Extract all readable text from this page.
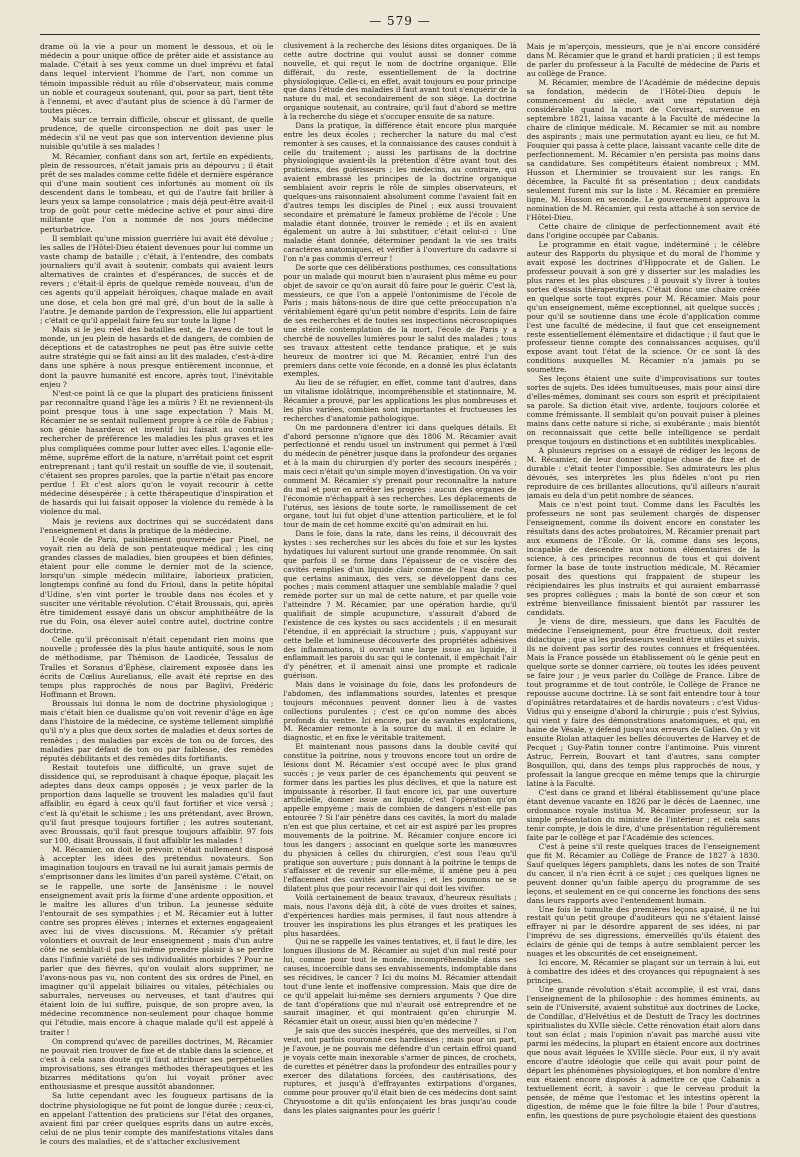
— 579 —

drame où la vie a pour un moment le dessous, et où le médecin a pour unique office de prêter aide et assistance au malade. C'était à ses yeux comme un duel imprévu et fatal dans lequel intervient l'homme de l'art, non comme un témoin impassible réduit au rôle d'observateur, mais comme un noble et courageux soutenant, qui, pour sa part, tient tête à l'ennemi, et avec d'autant plus de science à dû l'armer de toutes pièces.

Mais sur ce terrain difficile, obscur et glissant, de quelle prudence, de quelle circonspection ne doit pas user le médecin s'il ne veut pas que son intervention devienne plus nuisible qu'utile à ses malades !

M. Récamier, confiant dans son art, fertile en expédients, plein de ressources, n'était jamais pris au dépourvu ; il était prêt de ses malades comme cette fidèle et dernière espérance qui d'une main soutient ces infortunés au moment où ils descendent dans le tombeau, et qui de l'autre fait briller à leurs yeux sa lampe consolatrice ; mais déjà peut-être avait-il trop de goût pour cette médecine active et pour ainsi dire militante que l'on a nommée de nos jours médecine perturbatrice.

Il semblait qu'une mission guerrière lui avait été dévolue ; les salles de l'Hôtel-Dieu étaient devenues pour lui comme un vaste champ de bataille ; c'était, à l'entendre, des combats journaliers qu'il avait à soutenir, combats qui avaient leurs alternatives de craintes et d'espérances, de succès et de revers ; c'était-il épris de quelque remède nouveau, d'un de ces agents qu'il appelait héroïques, chaque malade en avait une dose, et cela bon gré mal gré, d'un bout de la salle à l'autre. Je demande pardon de l'expression, elle lui appartient ; c'était ce qu'il appelait faire feu sur toute la ligne !

Mais si le jeu réel des batailles est, de l'aveu de tout le monde, un jeu plein de hasards et de dangers, de combien de déceptions et de catastrophes ne peut pas être suivie cette autre stratégie qui se fait ainsi au lit des malades, c'est-à-dire dans une sphère à nous presque entièrement inconnue, et dont la pauvre humanité est encore, après tout, l'inévitable enjeu ?

N'est-ce point là ce que la plupart des praticiens finissent par reconnaître quand l'âge les a mûris ? Et ne reviennent-ils point presque tous à une sage expectation ? Mais M. Récamier ne se sentait nullement propre à ce rôle de Fabius ; son génie hasardeux et inventif lui faisait au contraire rechercher de préférence les maladies les plus graves et les plus compliquées comme pour lutter avec elles. L'agonie elle-même, suprême effort de la nature, n'arrêtait point cet esprit entreprenant ; tant qu'il restait un souffle de vie, il soutenait, c'étaient ses propres paroles, que la partie n'était pas encore perdue ! Et c'est alors qu'on le voyait recourir à cette médecine désespérée ; à cette thérapeutique d'inspiration et de hasards qui lui faisait opposer la violence du remède à la violence du mal.

Mais je reviens aux doctrines qui se succédaient dans l'enseignement et dans la pratique de la médecine.

L'école de Paris, paisiblement gouvernée par Pinel, ne voyait rien au delà de son pentateuque médical ; les cinq grandes classes de maladies, bien groupées et bien définies, étaient pour elle comme le dernier mot de la science, lorsqu'un simple médecin militaire, laborieux praticien, longtemps confiné au fond du Frioul, dans la petite hôpital d'Udine, s'en vint porter le trouble dans nos écoles et y susciter une véritable révolution. C'était Broussais, qui, après être timidement essayé dans un obscur amphithéâtre de la rue du Foin, osa élever autel contre autel, doctrine contre doctrine.

Celle qu'il préconisait n'était cependant rien moins que nouvelle ; professée dès la plus haute antiquité, sous le nom de méthodisme, par Thémison de Laodicée, Tessalus de Tralles et Soranus d'Éphèse, clairement exposée dans les écrits de Cœlius Aurelianus, elle avait été reprise en des temps plus rapprochés de nous par Baglivi, Frédéric Hoffmann et Brown.

Broussais lui donna le nom de doctrine physiologique ; mais c'était bien ce dualisme qu'on voit revenir d'âge en âge dans l'histoire de la médecine, ce système tellement simplifié qu'il n'y a plus que deux sortes de maladies et deux sortes de remèdes ; des maladies par excès de ton ou de forces, des maladies par défaut de ton ou par faiblesse, des remèdes réputés débilitants et des remèdes dits fortifiants.

Restait toutefois une difficulté, un grave sujet de dissidence qui, se reproduisant à chaque époque, plaçait les adeptes dans deux camps opposés ; je veux parler de la proportion dans laquelle se trouvent les maladies qu'il faut affaiblir, eu égard à ceux qu'il faut fortifier et vice versâ ; c'est là qu'était le schisme ; les uns prétendant, avec Brown, qu'il faut presque toujours fortifier ; les autres soutenant, avec Broussais, qu'il faut presque toujours affaiblir. 97 fois sur 100, disait Broussais, il faut affaiblir les malades !

M. Récamier, on doit le prévoir, n'était nullement disposé à accepter les idées des prétendus novateurs. Son imagination toujours en travail ne lui aurait jamais permis de s'emprisonner dans les limites d'un pareil système. C'était, on se le rappelle, une sorte de Jansénisme : le nouvel enseignement avait pris la forme d'une ardente opposition, et le maître les allures d'un tribun. La jeunesse séduite l'entourait de ses sympathies ; et M. Récamier eut à lutter contre ses propres élèves ; internes et externes engageaient avec lui de vives discussions. M. Récamier s'y prêtait volontiers et ouvrait de leur enseignement ; mais d'un autre côté ne semblait-il pas lui-même prendre plaisir à se perdre dans l'infinie variété de ses individualités morbides ? Pour ne parler que des fièvres, qu'on voulait alors supprimer, ne l'avons-nous pas vu, non content des six ordres de Pinel, en imaginer qu'il appelait biliaires ou vitales, pétéchiales ou saburrales, nerveuses ou nerveuses, et tant d'autres qui étaient loin de lui suffire, puisque, de son propre aveu, la médecine recommence non-seulement pour chaque homme qui l'étudie, mais encore à chaque malade qu'il est appelé à traiter !

On comprend qu'avec de pareilles doctrines, M. Récamier ne pouvait rien trouver de fixe et de stable dans la science, et c'est à cela sans doute qu'il faut attribuer ses perpétuelles improvisations, ses étranges méthodes thérapeutiques et les bizarres méditations qu'on lui voyait prôner avec enthousiasme et presque aussitôt abandonner.

Sa lutte cependant avec les fougueux partisans de la doctrine physiologique ne fut point de longue durée ; ceux-ci, en appelant l'attention des praticiens sur l'état des organes, avaient fini par créer quelques esprits dans un autre excès, celui de ne plus tenir compte des manifestations vitales dans le cours des maladies, et de s'attacher exclusivement

clusivement à la recherche des lésions dites organiques. De là cette autre doctrine qui voulut aussi se donner comme nouvelle, et qui reçut le nom de doctrine organique. Elle différait, du reste, essentiellement de la doctrine physiologique. Celle-ci, en effet, avait toujours eu pour principe que dans l'étude des maladies il faut avant tout s'enquérir de la nature du mal, et secondairement de son siège. La doctrine organique soutenait, au contraire, qu'il faut d'abord se mettre à la recherche du siège et s'occuper ensuite de sa nature.

Dans la pratique, la différence était encore plus marquée entre les deux écoles ; rechercher la nature du mal c'est remonter à ses causes, et la connaissance des causes conduit à celle du traitement ; aussi les partisans de la doctrine physiologique avaient-ils la prétention d'être avant tout des praticiens, des guérisseurs ; les médecins, au contraire, qui avaient embrassé les principes de la doctrine organique semblaient avoir repris le rôle de simples observateurs, et quelques-uns raisonnaient absolument comme l'avaient fait en d'autres temps les disciples de Pinel ; eux aussi trouvaient secondaire et prématuré le fameux problème de l'école : Une maladie étant donnée, trouver le remède ; et ils en avaient également un autre à lui substituer, c'était celui-ci : Une maladie étant donnée, déterminer pendant la vie ses traits caractères anatomiques, et vérifier à l'ouverture du cadavre si l'on n'a pas commis d'erreur !

De sorte que ces délibérations posthumes, ces consultations pour un malade qui mourut bien n'auraient plus même eu pour objet de savoir ce qu'on aurait dû faire pour le guérir. C'est là, messieurs, ce que l'on a appelé l'ontonimisme de l'école de Paris ; mais hâtons-nous de dire que cette préoccupation n'a véritablement égaré qu'un petit nombre d'esprits. Loin de faire de ses recherches et de toutes ses inspections nécroscopiques une stérile contemplation de la mort, l'école de Paris y a cherché de nouvelles lumières pour le salut des malades ; tous ses travaux attestent cette tendance pratique, et je suis heureux de montrer ici que M. Récamier, entré l'un des premiers dans cette voie féconde, en a donné les plus éclatants exemples.

Au lieu de se réfugier, en effet, comme tant d'autres, dans un vitalisme idolâtrique, incompréhensible et stationnaire, M. Récamier a prouvé, par les applications les plus nombreuses et les plus variées, combien sont importantes et fructueuses les recherches d'anatomie pathologique.

On me pardonnera d'entrer ici dans quelques détails. Et d'abord personne n'ignore que dès 1806 M. Récamier avait perfectionné et rendu usuel un instrument qui permet à l'œil du médecin de pénétrer jusque dans la profondeur des organes et à la main du chirurgien d'y porter des secours inespérés ; mais ceci n'était qu'un simple moyen d'investigation. On va voir comment M. Récamier s'y prenait pour reconnaître la nature du mal et pour en arrêter les progrès : aucun des organes de l'économie n'échappait à ses recherches. Les déplacements de l'utérus, ses lésions de toute sorte, le ramollissement de cet organe, tout lui fut objet d'une attention particulière, et le fol tour de main de cet homme excité qu'on admirait en lui.

Dans le foie, dans la rate, dans les reins, il découvrait des kystes : ses recherches sur les abcès du foie et sur les kystes hydatiques lui valurent surtout une grande renommée. On sait que parfois il se forme dans l'épaisseur de ce viscère des cavités remplies d'un liquide clair comme de l'eau de roche, que certains animaux, des vers, se développent dans ces poches ; mais comment attaquer une semblable maladie ? quel remède porter sur un mal de cette nature, et par quelle voie l'atteindre ? M. Récamier, par une opération hardie, qu'il qualifiait de simple acupuncture, s'assurait d'abord de l'existence de ces kystes ou sacs accidentels ; il en mesurait l'étendue, il en appréciait la structure ; puis, s'appuyant sur cette belle et lumineuse découverte des propriétés adhésives des inflammations, il ouvrait une large issue au liquide, il enflammait les parois du sac qui le contenait, il empêchait l'air d'y pénétrer, et il amenait ainsi une prompte et radicale guérison.

Mais dans le voisinage du foie, dans les profondeurs de l'abdomen, des inflammations sourdes, latentes et presque toujours méconnues peuvent donner lieu à de vastes collections purulentes ; c'est ce qu'on nomme des abcès profonds du ventre. Ici encore, par de savantes explorations, M. Récamier remonte à la source du mal, il en éclaire le diagnostic, et en fixe le véritable traitement.

Et maintenant nous passons dans la double cavité qui constitue la poitrine, nous y trouvons encore tout un ordre de lésions dont M. Récamier s'est occupé avec le plus grand succès ; je veux parler de ces épanchements qui peuvent se former dans les parties les plus déclives, et que la nature est impuissante à résorber. Il faut encore ici, par une ouverture artificielle, donner issue au liquide, c'est l'opération qu'on appelle empyème ; mais de combien de dangers n'est-elle pas entourée ? Si l'air pénètre dans ces cavités, la mort du malade n'en est que plus certaine, et cet air est aspiré par les propres mouvements de la poitrine. M. Récamier conjure encore ici tous les dangers ; associant en quelque sorte les manœuvres du physicien à celles du chirurgien, c'est sous l'eau qu'il pratique son ouverture ; puis donnant à la poitrine le temps de s'affaisser et de revenir sur elle-même, il amène peu à peu l'effacement des cavités anormales ; et les poumons ne se dilatent plus que pour recevoir l'air qui doit les vivifier.

Voilà certainement de beaux travaux, d'heureux résultats ; mais, nous l'avons déjà dit, à côté de vues droites et saines, d'expériences hardies mais permises, il faut nous attendre à trouver les inspirations les plus étranges et les pratiques les plus hasardées.

Qui ne se rappelle les vaines tentatives, et, il faut le dire, les longues illusions de M. Récamier au sujet d'un mal resté pour lui, comme pour tout le monde, incompréhensible dans ses causes, incoercible dans ses envahissements, indomptable dans ses récidives, le cancer ? Ici du moins M. Récamier attendait tout d'une lente et inoffensive compression. Mais que dire de ce qu'il appelait lui-même ses derniers arguments ? Que dire de tant d'opérations que nul n'aurait osé entreprendre et ne saurait imaginer, et qui montraient qu'en chirurgie M. Récamier était un oseur, aussi bien qu'en médecine ?

Je sais que des succès inespérés, que des merveilles, si l'on veut, ont parfois couronné ces hardiesses ; mais pour un part, je l'avoue, je ne pouvais me défendre d'un certain effroi quand je voyais cette main inexorable s'armer de pinces, de crochets, de curettes et pénétrer dans la profondeur des entrailles pour y exercer des dilatations forcées, des cautérisations, des ruptures, et jusqu'à d'effrayantes extirpations d'organes, comme pour prouver qu'il était bien de ces médecins dont saint Chrysostome a dit qu'ils enfonçaient les bras jusqu'au coude dans les plaies saignantes pour les guérir !

Mais je m'aperçois, messieurs, que je n'ai encore considéré dans M. Récamier que le grand et hardi praticien ; il est temps de parler du professeur à la Faculté de médecine de Paris et au collège de France.

M. Récamier, membre de l'Académie de médecine depuis sa fondation, médecin de l'Hôtel-Dieu depuis le commencement du siècle, avait une réputation déjà considérable quand la mort de Corvisart, survenue en septembre 1821, laissa vacante à la Faculté de médecine la chaire de clinique médicale. M. Récamier se mit au nombre des aspirants ; mais une permutation ayant eu lieu, ce fut M. Fouquier qui passa à cette place, laissant vacante celle dite de perfectionnement. M. Récamier n'en persista pas moins dans sa candidature. Ses compétiteurs étaient nombreux ; MM. Husson et Lherminier se trouvaient sur les rangs. En décembre, la Faculté fit sa présentation ; deux candidats seulement furent mis sur la liste : M. Récamier en première ligne, M. Husson en seconde. Le gouvernement approuva la nomination de M. Récamier, qui resta attaché à son service de l'Hôtel-Dieu.

Cette chaire de clinique de perfectionnement avait été dans l'origine occupée par Cabanis.

Le programme en était vague, indéterminé ; le célèbre auteur des Rapports du physique et du moral de l'homme y avait exposé les doctrines d'Hippocrate et de Galien. Le professeur pouvait à son gré y disserter sur les maladies les plus rares et les plus obscures ; il pouvait s'y livrer à toutes sortes d'essais thérapeutiques. C'était donc une chaire créée en quelque sorte tout exprès pour M. Récamier. Mais pour qu'un enseignement, même exceptionnel, ait quelque succès ; pour qu'il se soutienne dans une école d'application comme l'est une faculté de médecine, il faut que cet enseignement reste essentiellement élémentaire et didactique ; il faut que le professeur tienne compte des connaissances acquises, qu'il expose avant tout l'état de la science. Or ce sont là des conditions auxquelles M. Récamier n'a jamais pu se soumettre.

Ses leçons étaient une suite d'improvisations sur toutes sortes de sujets. Des idées tumultueuses, mais pour ainsi dire d'elles-mêmes, dominant ses cours son esprit et précipitaient sa parole. Sa diction était vive, ardente, toujours colorée et comme frémissante. Il semblait qu'on pouvait puiser à pleines mains dans cette nature si riche, si exubérante ; mais bientôt on reconnaissait que cette belle intelligence se perdait presque toujours en distinctions et en subtilités inexplicables.

A plusieurs reprises on a essayé de rédiger les leçons de M. Récamier, de leur donner quelque chose de fixe et de durable : c'était tenter l'impossible. Ses admirateurs les plus dévoués, ses interprètes les plus fidèles n'ont pu rien reproduire de ces brillantes allocutions, qu'il ailleurs n'aurait jamais eu dela d'un petit nombre de séances.

Mais ce n'est point tout. Comme dans les Facultés les professeurs ne sont pas seulement chargés de dispenser l'enseignement, comme ils doivent encore en constater les résultats dans des actes probatoires, M. Récamier prenait part aux examens de l'École. Or là, comme dans ses leçons, incapable de descendre aux notions élémentaires de la science, à ces principes reconnus de tous et qui doivent former la base de toute instruction médicale, M. Récamier posait des questions qui frappaient de stupeur les récipiendaires les plus instruits et qui auraient embarrassé ses propres collègues ; mais la bonté de son cœur et son extrême bienveillance finissaient bientôt par rassurer les candidats.

Je viens de dire, messieurs, que dans les Facultés de médecine l'enseignement, pour être fructueux, doit rester didactique ; que si les professeurs veulent être utiles et suivis, ils ne doivent pas sortir des routes connues et fréquentées. Mais la France possède un établissement où le génie peut en quelque sorte se donner carrière, où toutes les idées peuvent se faire jour ; je veux parler du Collège de France. Libre de tout programme et de tout contrôle, le Collège de France ne repousse aucune doctrine. Là se sont fait entendre tour à tour d'opiniâtres retardataires et de hardis novateurs : c'est Vidus-Vidius qui y enseigne d'abord la chirurgie ; puis c'est Sylvius, qui vient y faire des démonstrations anatomiques, et qui, en haine de Vésale, y défend jusqu'aux erreurs de Galien. On y vit ensuite Riolan attaquer les belles découvertes de Harvey et de Pecquet ; Guy-Patin tonner contre l'antimoine. Puis vinrent Astruc, Ferrein, Bouvart et tant d'autres, sans compter Bosquillon, qui, dans des temps plus rapprochés de nous, y professait la langue grecque en même temps que la chirurgie latine à la Faculté.

C'est dans ce grand et libéral établissement qu'une place étant devenue vacante en 1826 par le décès de Laennec, une ordonnance royale institua M. Récamier professeur, sur la simple présentation du ministre de l'intérieur ; et cela sans tenir compte, je dois le dire, d'une présentation régulièrement faite par le collège et par l'Académie des sciences.

C'est à peine s'il reste quelques traces de l'enseignement que fit M. Récamier au Collège de France de 1827 à 1830. Sauf quelques légers pamphlets, dans les notes de son Traité du cancer, il n'a rien écrit à ce sujet ; ces quelques lignes ne peuvent donner qu'un faible aperçu du programme de ses leçons, et seulement en ce qui concerne les fonctions des sens dans leurs rapports avec l'entendement humain.

Une fois le tumulte des premières leçons apaisé, il ne lui restait qu'un petit groupe d'auditeurs qui ne s'étaient laissé effrayer ni par le désordre apparent de ses idées, ni par l'imprévu de ses digressions, émerveillés qu'ils étaient des éclairs de génie qui de temps à autre semblaient percer les nuages et les obscurités de cet enseignement.

Ici encore, M. Récamier se plaçant sur un terrain à lui, eut à combattre des idées et des croyances qui répugnaient à ses principes.

Une grande révolution s'était accomplie, il est vrai, dans l'enseignement de la philosophie : des hommes éminents, au sein de l'Université, avaient substitué aux doctrines de Locke, de Condillac, d'Helvétius et de Destutt de Tracy les doctrines spiritualistes du XVIIe siècle. Cette rénovation était alors dans tout son éclat ; mais l'opinion n'avait pas marché aussi vite parmi les médecins, la plupart en étaient encore aux doctrines que nous avait léguées le XVIIIe siècle. Pour eux, il n'y avait encore d'autre idéologie que celle qui avait pour point de départ les phénomènes physiologiques, et bon nombre d'entre eux étaient encore disposés à admettre ce que Cabanis a textuellement écrit, à savoir : que le cerveau produit la pensée, de même que l'estomac et les intestins opèrent la digestion, de même que le foie filtre la bile ! Pour d'autres, enfin, les questions de pure psychologie étaient des questions
